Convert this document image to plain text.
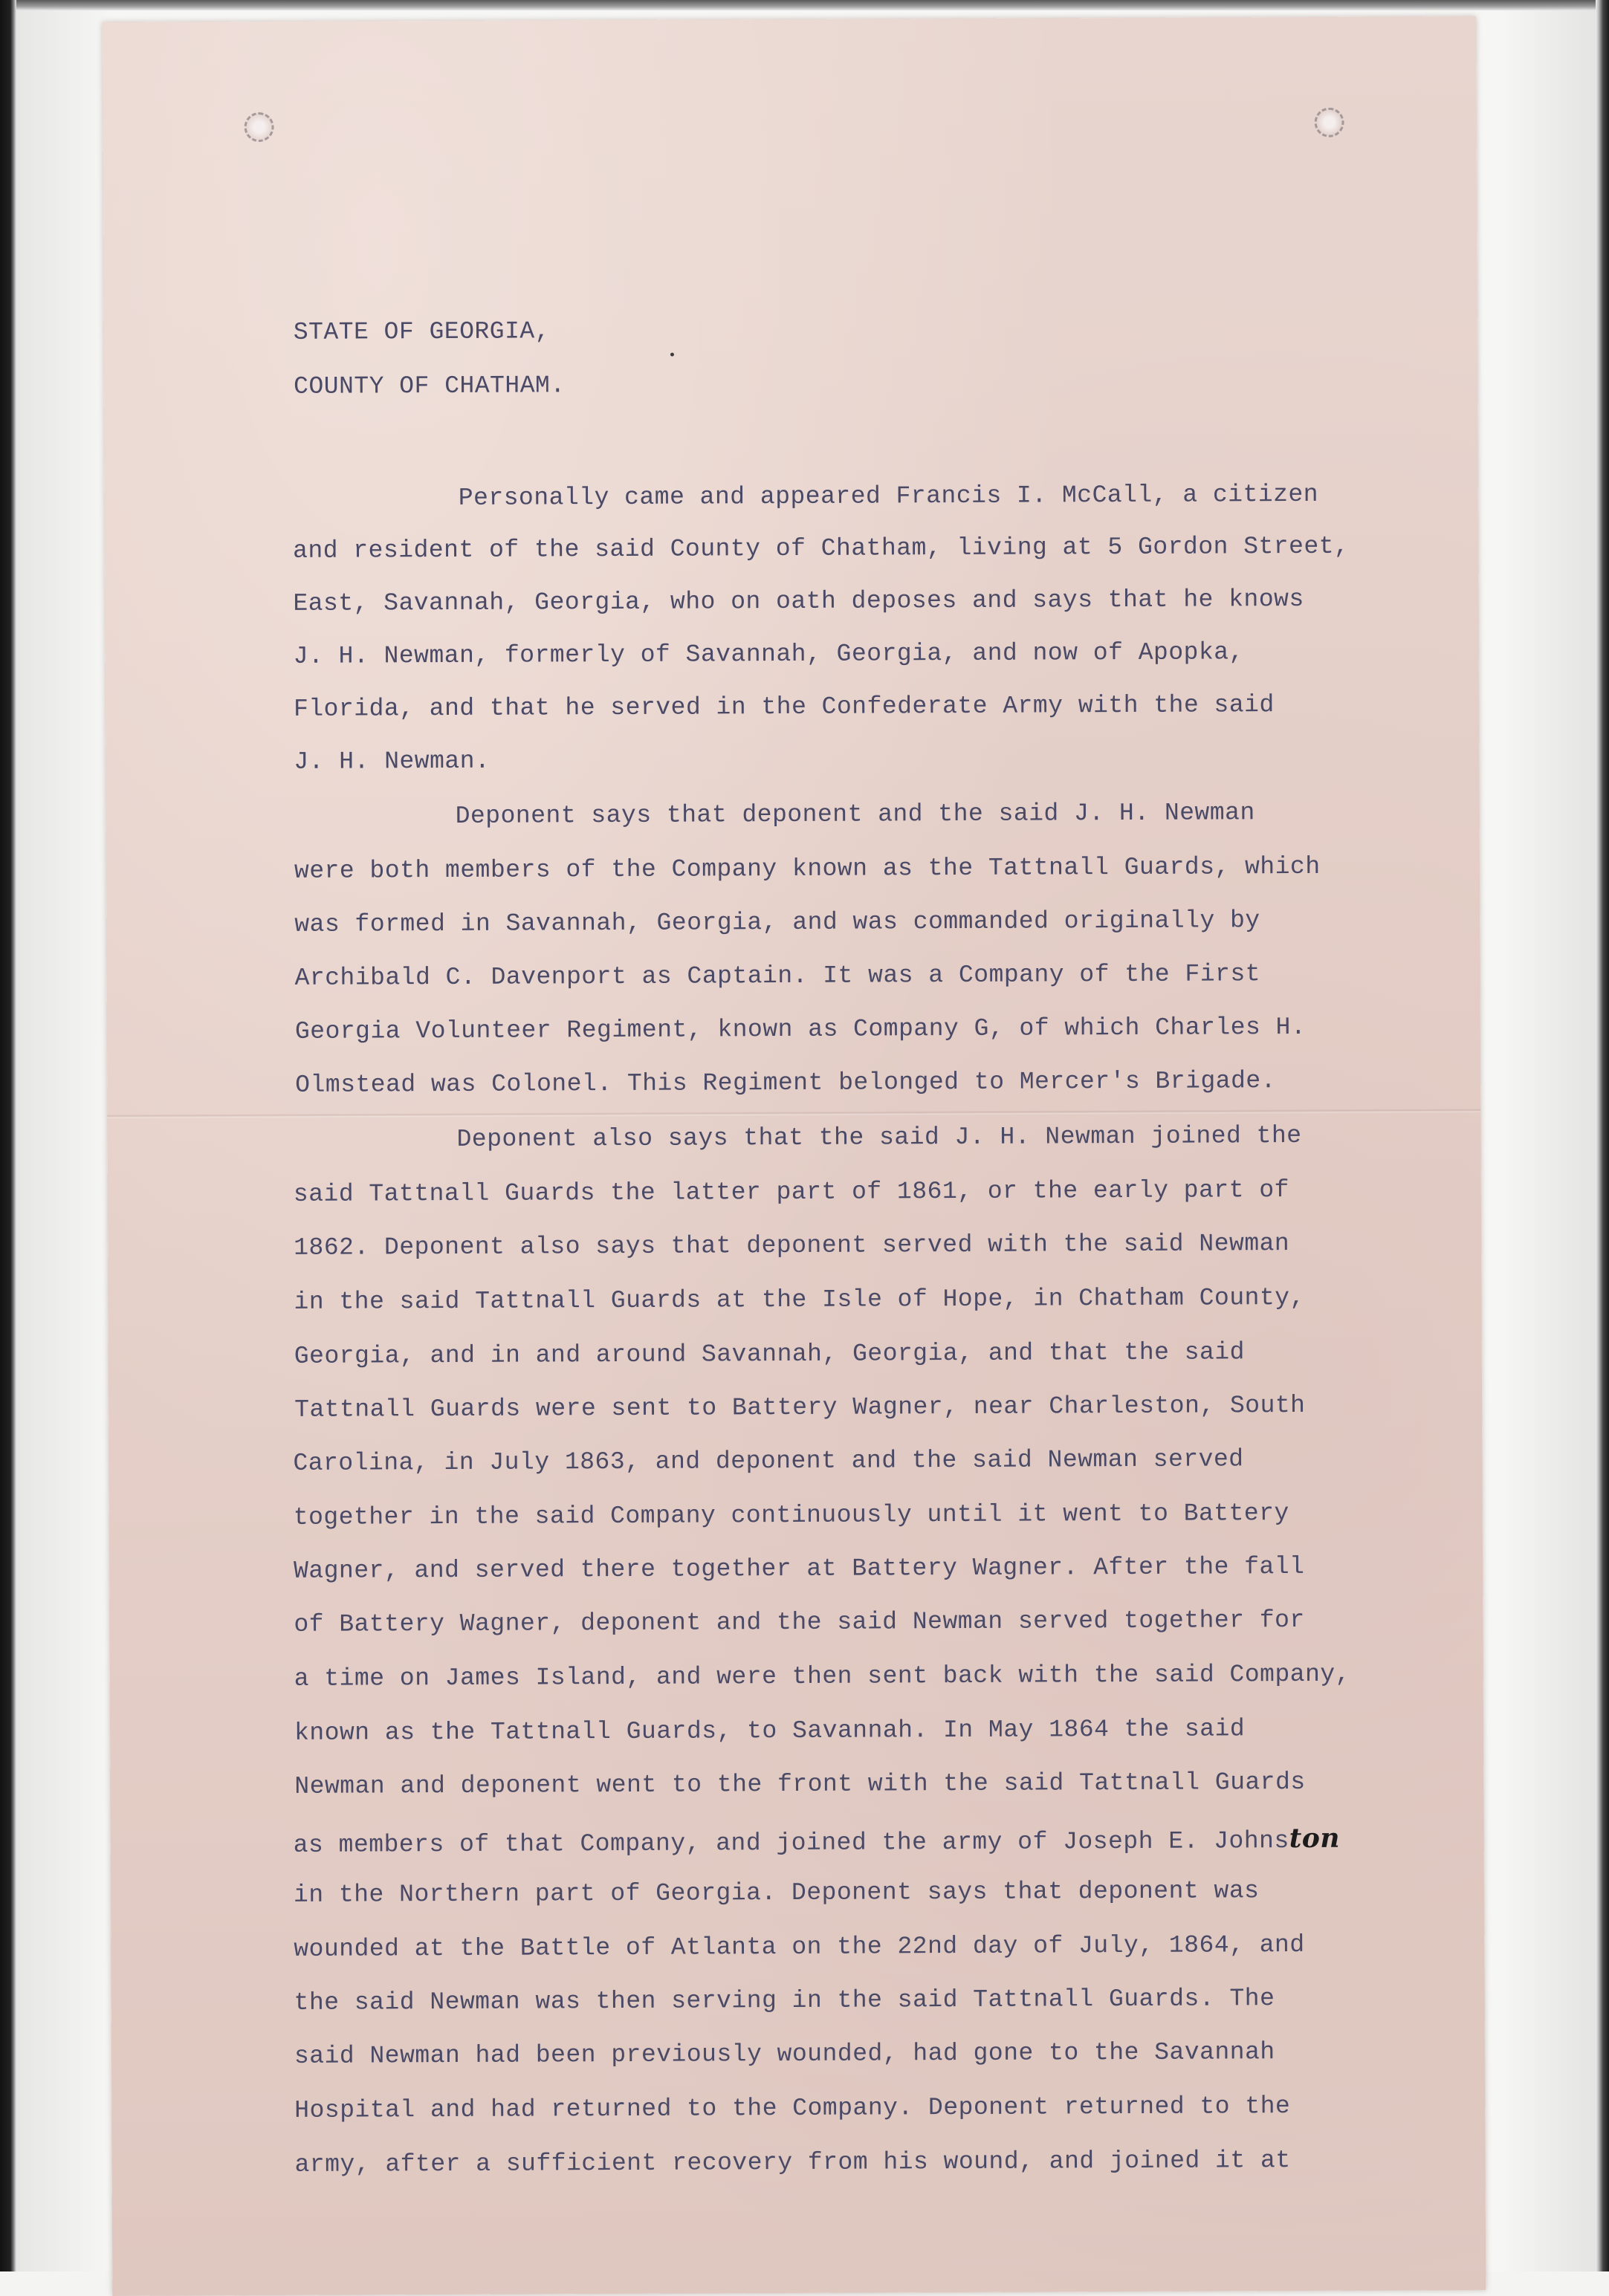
STATE OF GEORGIA,
COUNTY OF CHATHAM.

Personally came and appeared Francis I. McCall, a citizen

and resident of the said County of Chatham, living at 5 Gordon Street,

East, Savannah, Georgia, who on oath deposes and says that he knows

J. H. Newman, formerly of Savannah, Georgia, and now of Apopka,

Florida, and that he served in the Confederate Army with the said

J. H. Newman.

Deponent says that deponent and the said J. H. Newman

were both members of the Company known as the Tattnall Guards, which

was formed in Savannah, Georgia, and was commanded originally by

Archibald C. Davenport as Captain. It was a Company of the First

Georgia Volunteer Regiment, known as Company G, of which Charles H.

Olmstead was Colonel. This Regiment belonged to Mercer's Brigade.

Deponent also says that the said J. H. Newman joined the

said Tattnall Guards the latter part of 1861, or the early part of

1862. Deponent also says that deponent served with the said Newman

in the said Tattnall Guards at the Isle of Hope, in Chatham County,

Georgia, and in and around Savannah, Georgia, and that the said

Tattnall Guards were sent to Battery Wagner, near Charleston, South

Carolina, in July 1863, and deponent and the said Newman served

together in the said Company continuously until it went to Battery

Wagner, and served there together at Battery Wagner. After the fall

of Battery Wagner, deponent and the said Newman served together for

a time on James Island, and were then sent back with the said Company,

known as the Tattnall Guards, to Savannah. In May 1864 the said

Newman and deponent went to the front with the said Tattnall Guards

as members of that Company, and joined the army of Joseph E. Johnston

in the Northern part of Georgia. Deponent says that deponent was

wounded at the Battle of Atlanta on the 22nd day of July, 1864, and

the said Newman was then serving in the said Tattnall Guards. The

said Newman had been previously wounded, had gone to the Savannah

Hospital and had returned to the Company. Deponent returned to the

army, after a sufficient recovery from his wound, and joined it at
